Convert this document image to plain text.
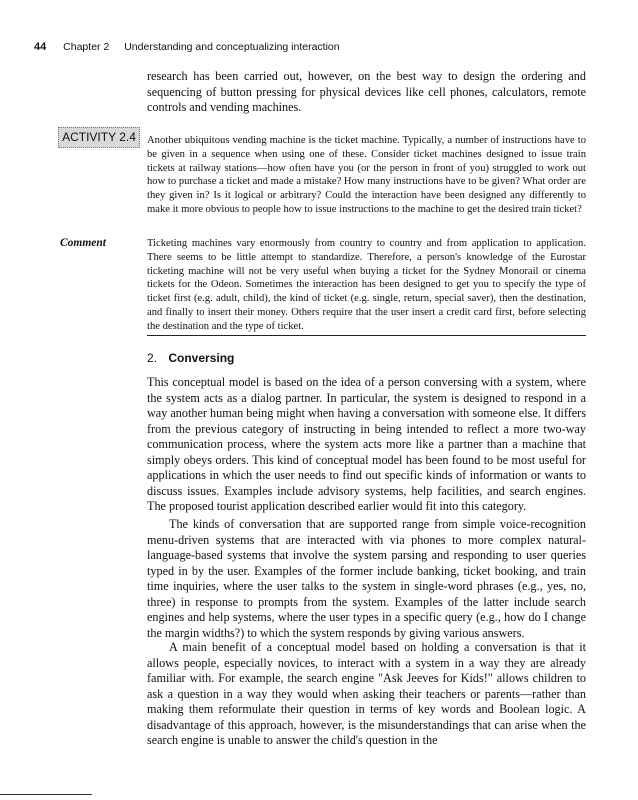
44 Chapter 2 Understanding and conceptualizing interaction

research has been carried out, however, on the best way to design the ordering and sequencing of button pressing for physical devices like cell phones, calculators, remote controls and vending machines.

ACTIVITY 2.4	Another ubiquitous vending machine is the ticket machine. Typically, a number of instructions have to be given in a sequence when using one of these. Consider ticket machines designed to issue train tickets at railway stations—how often have you (or the person in front of you) struggled to work out how to purchase a ticket and made a mistake? How many instructions have to be given? What order are they given in? Is it logical or arbitrary? Could the interaction have been designed any differently to make it more obvious to people how to issue instructions to the machine to get the desired train ticket?

Comment	Ticketing machines vary enormously from country to country and from application to application. There seems to be little attempt to standardize. Therefore, a person's knowledge of the Eurostar ticketing machine will not be very useful when buying a ticket for the Sydney Monorail or cinema tickets for the Odeon. Sometimes the interaction has been designed to get you to specify the type of ticket first (e.g. adult, child), the kind of ticket (e.g. single, return, special saver), then the destination, and finally to insert their money. Others require that the user insert a credit card first, before selecting the destination and the type of ticket.

2. Conversing

This conceptual model is based on the idea of a person conversing with a system, where the system acts as a dialog partner. In particular, the system is designed to respond in a way another human being might when having a conversation with someone else. It differs from the previous category of instructing in being intended to reflect a more two-way communication process, where the system acts more like a partner than a machine that simply obeys orders. This kind of conceptual model has been found to be most useful for applications in which the user needs to find out specific kinds of information or wants to discuss issues. Examples include advisory systems, help facilities, and search engines. The proposed tourist application described earlier would fit into this category.

The kinds of conversation that are supported range from simple voice-recognition menu-driven systems that are interacted with via phones to more complex natural-language-based systems that involve the system parsing and responding to user queries typed in by the user. Examples of the former include banking, ticket booking, and train time inquiries, where the user talks to the system in single-word phrases (e.g., yes, no, three) in response to prompts from the system. Examples of the latter include search engines and help systems, where the user types in a specific query (e.g., how do I change the margin widths?) to which the system responds by giving various answers.

A main benefit of a conceptual model based on holding a conversation is that it allows people, especially novices, to interact with a system in a way they are already familiar with. For example, the search engine "Ask Jeeves for Kids!" allows children to ask a question in a way they would when asking their teachers or parents—rather than making them reformulate their question in terms of key words and Boolean logic. A disadvantage of this approach, however, is the misunderstandings that can arise when the search engine is unable to answer the child's question in the
